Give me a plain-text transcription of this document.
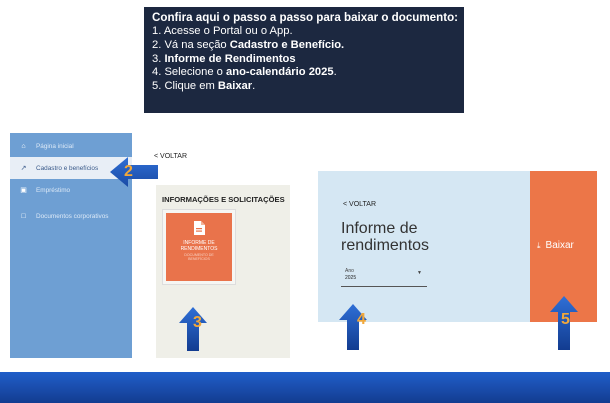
Confira aqui o passo a passo para baixar o documento:
1. Acesse o Portal ou o App.
2. Vá na seção Cadastro e Benefício.
3. Informe de Rendimentos
4. Selecione o ano-calendário 2025.
5. Clique em Baixar.
⌂	Página inicial
↗	Cadastro e benefícios
▣	Empréstimo
□	Documentos corporativos
< VOLTAR
INFORMAÇÕES E SOLICITAÇÕES
INFORME DE
RENDIMENTOS
DOCUMENTO DE
BENEFÍCIOS
< VOLTAR
Informe de
rendimentos
Ano
2025
▼
⤓ Baixar
2
3	4	5
